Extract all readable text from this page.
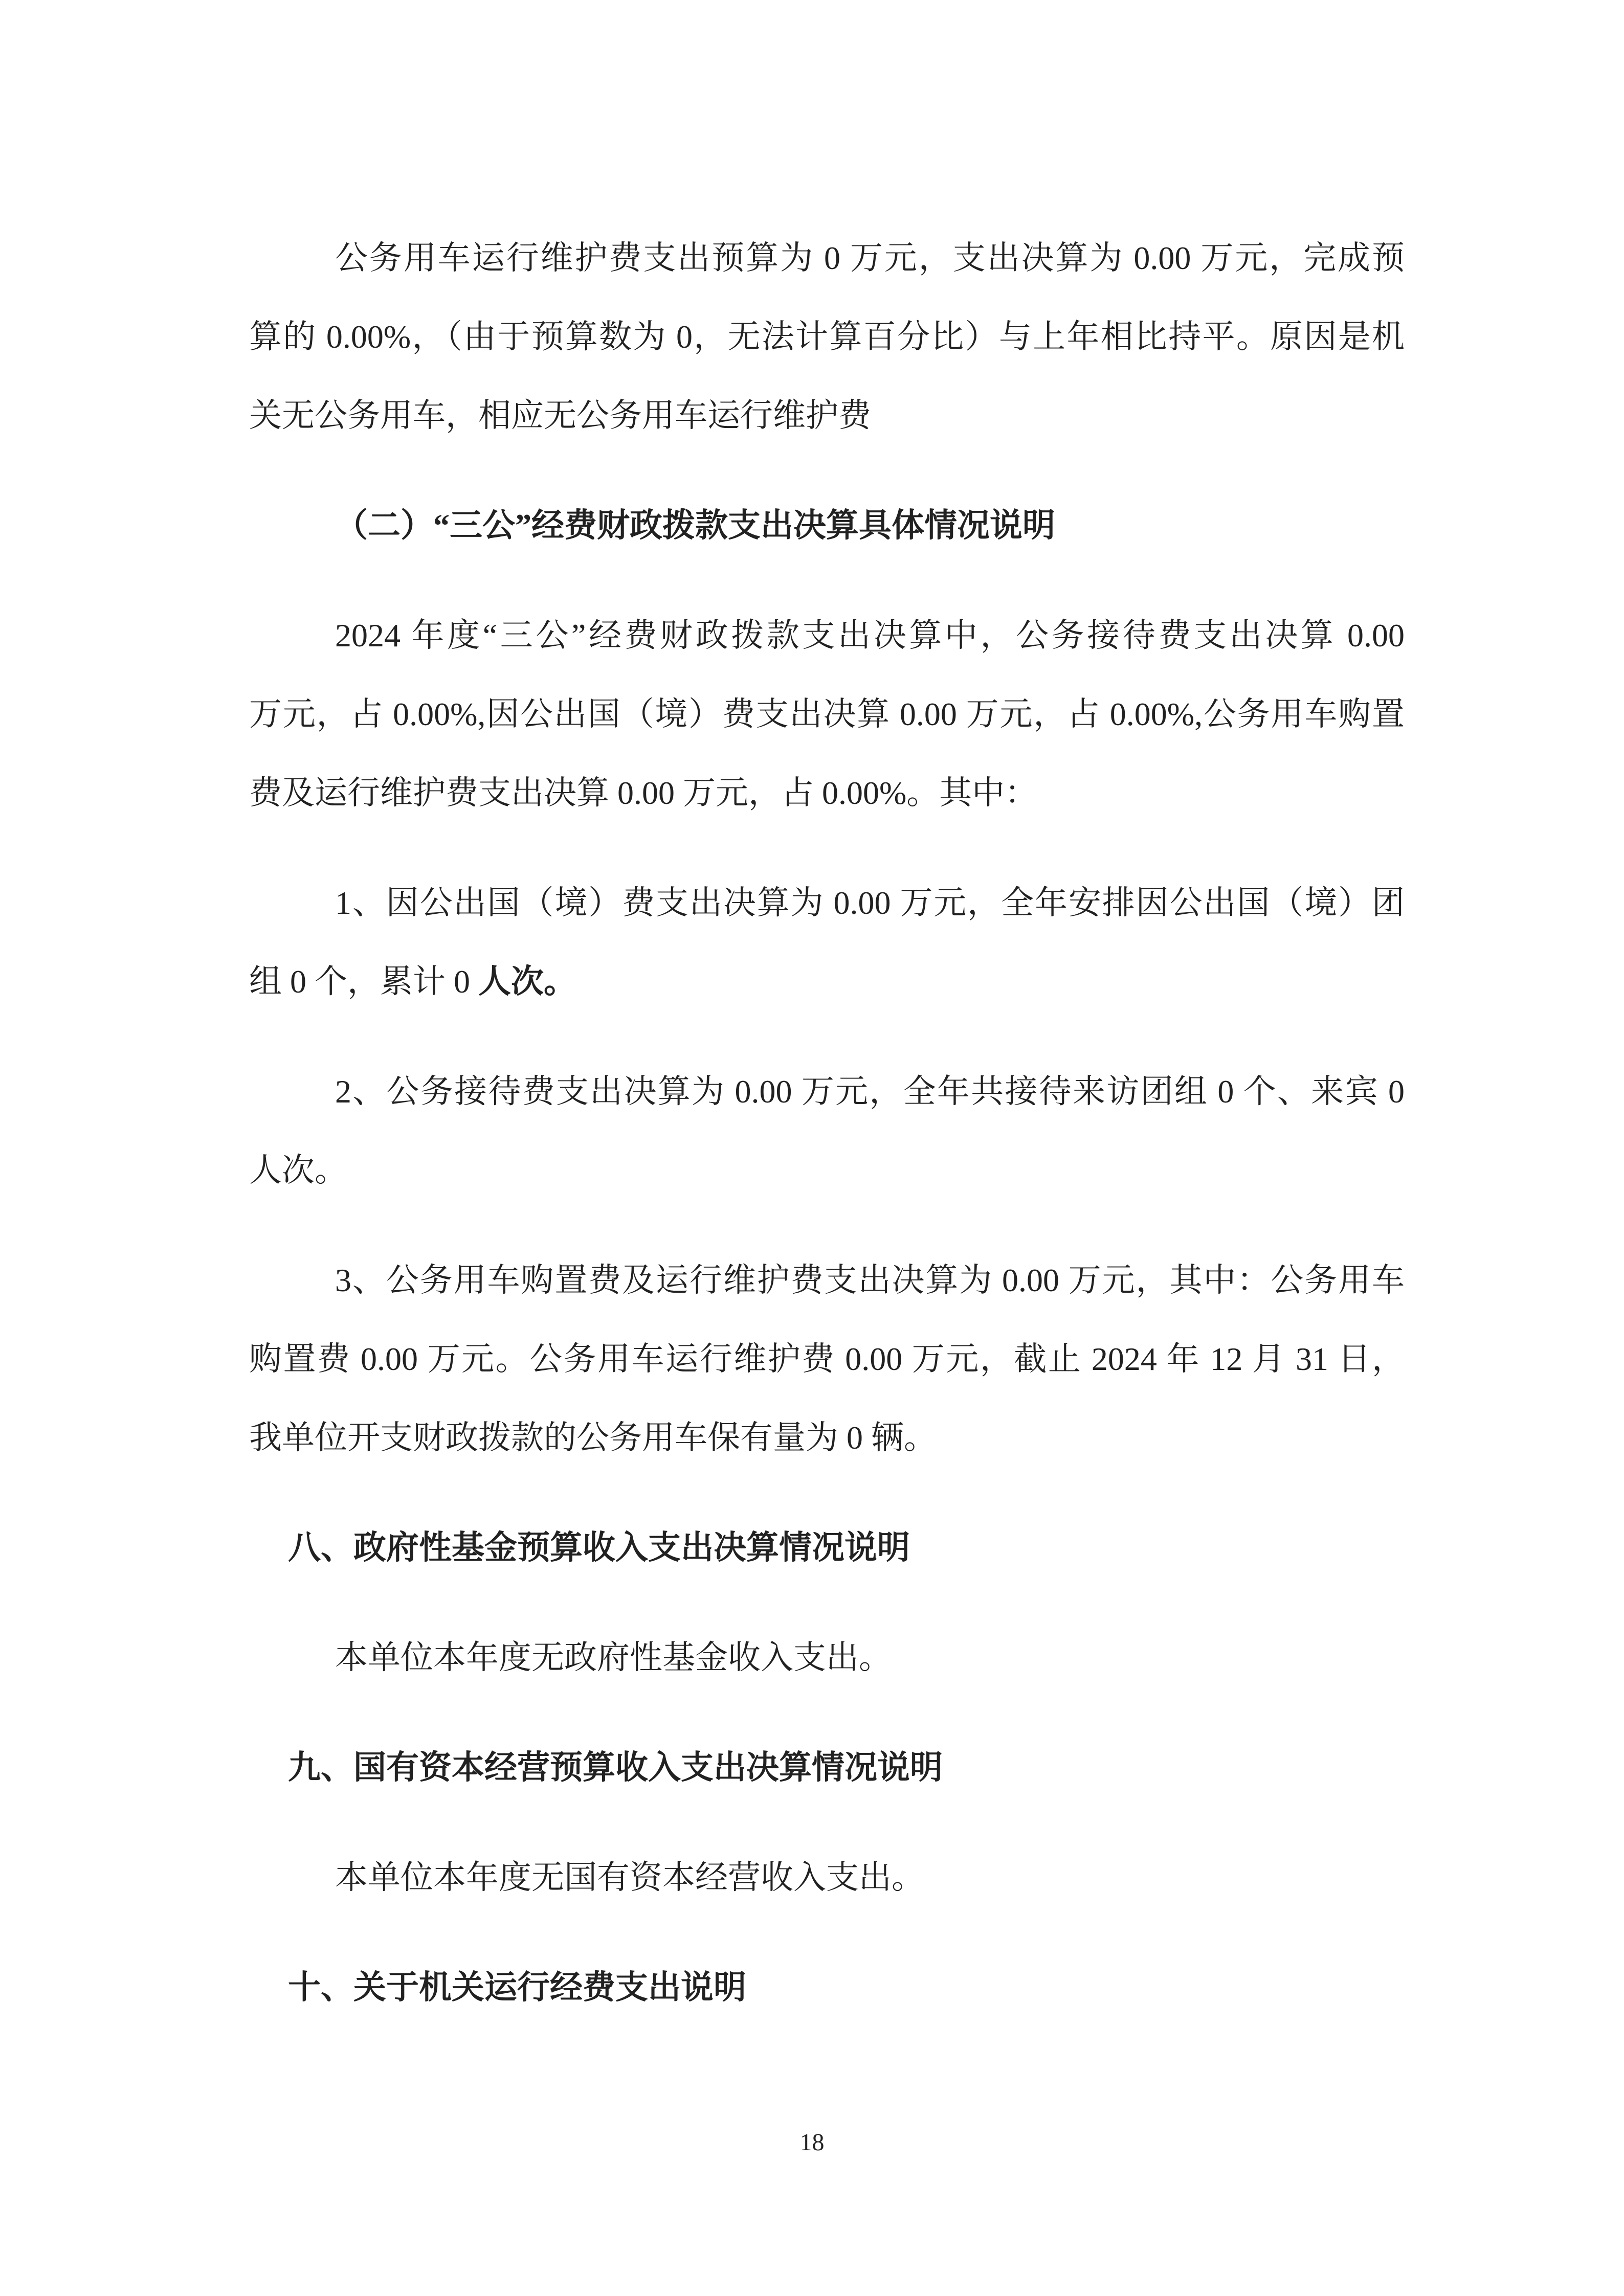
公务用车运行维护费支出预算为 0 万元，支出决算为 0.00 万元，完成预
算的 0.00%，（由于预算数为 0，无法计算百分比）与上年相比持平。原因是机
关无公务用车，相应无公务用车运行维护费
（二）“三公”经费财政拨款支出决算具体情况说明
2024 年度“三公”经费财政拨款支出决算中，公务接待费支出决算 0.00
万元，占 0.00%,因公出国（境）费支出决算 0.00 万元，占 0.00%,公务用车购置
费及运行维护费支出决算 0.00 万元，占 0.00%。其中：
1、因公出国（境）费支出决算为 0.00 万元，全年安排因公出国（境）团
组 0 个，累计 0 人次。
2、公务接待费支出决算为 0.00 万元，全年共接待来访团组 0 个、来宾 0
人次。
3、公务用车购置费及运行维护费支出决算为 0.00 万元，其中：公务用车
购置费 0.00 万元。公务用车运行维护费 0.00 万元，截止 2024 年 12 月 31 日，
我单位开支财政拨款的公务用车保有量为 0 辆。
八、政府性基金预算收入支出决算情况说明
本单位本年度无政府性基金收入支出。
九、国有资本经营预算收入支出决算情况说明
本单位本年度无国有资本经营收入支出。
十、关于机关运行经费支出说明
18
